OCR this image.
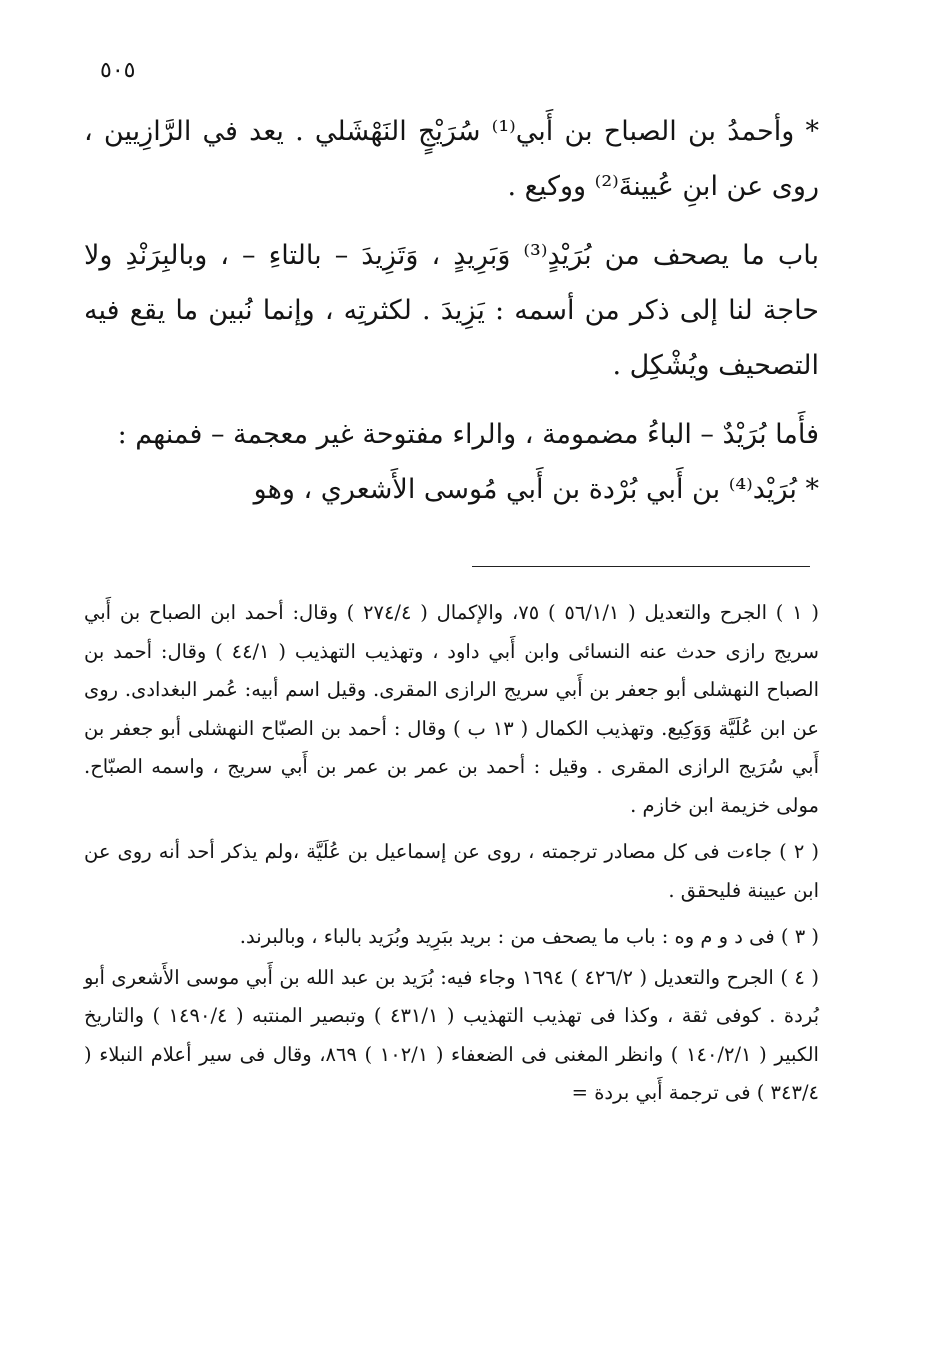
٥٠٥

* وأحمدُ بن الصباح بن أَبي⁽¹⁾ سُرَيْجٍ النَهْشَلي . يعد في الرَّازِيين ، روى عن ابنِ عُيينةَ⁽²⁾ ووكيع .

باب ما يصحف من بُرَيْدٍ⁽³⁾ وَبَرِيدٍ ، وَتَزِيدَ – بالتاءِ – ، وبالبِرَنْدِ ولا حاجة لنا إلى ذكر من أسمه : يَزِيدَ . لكثرتِه ، وإنما نُبين ما يقع فيه التصحيف ويُشْكِل .

فأَما بُرَيْدٌ – الباءُ مضمومة ، والراء مفتوحة غير معجمة – فمنهم :

* بُرَيْد⁽⁴⁾ بن أَبي بُرْدة بن أَبي مُوسى الأَشعري ، وهو

( ١ ) الجرح والتعديل ( ٥٦/١/١ ) ٧٥، والإكمال ( ٢٧٤/٤ ) وقال: أحمد ابن الصباح بن أَبي سريج رازى حدث عنه النسائى وابن أَبي داود ، وتهذيب التهذيب ( ٤٤/١ ) وقال: أحمد بن الصباح النهشلى أبو جعفر بن أَبي سريج الرازى المقرى. وقيل اسم أبيه: عُمر البغدادى. روى عن ابن عُلَيَّة وَوَكِيع. وتهذيب الكمال ( ١٣ ب ) وقال : أحمد بن الصبّاح النهشلى أبو جعفر بن أَبي سُرَيج الرازى المقرى . وقيل : أحمد بن عمر بن عمر بن أَبي سريج ، واسمه الصبّاح. مولى خزيمة ابن خازم .

( ٢ ) جاءت فى كل مصادر ترجمته ، روى عن إسماعيل بن عُلَيَّة ،ولم يذكر أحد أنه روى عن ابن عيينة فليحقق .

( ٣ ) فى د و م وه : باب ما يصحف من : بريد ببَرِيد وبُرَيد بالباء ، وبالبرند.

( ٤ ) الجرح والتعديل ( ٤٢٦/٢ ) ١٦٩٤ وجاء فيه: بُرَيد بن عبد الله بن أَبي موسى الأَشعرى أبو بُردة . كوفى ثقة ، وكذا فى تهذيب التهذيب ( ٤٣١/١ ) وتبصير المنتبه ( ١٤٩٠/٤ ) والتاريخ الكبير ( ١٤٠/٢/١ ) وانظر المغنى فى الضعفاء ( ١٠٢/١ ) ٨٦٩، وقال فى سير أعلام النبلاء ( ٣٤٣/٤ ) فى ترجمة أَبي بردة =
